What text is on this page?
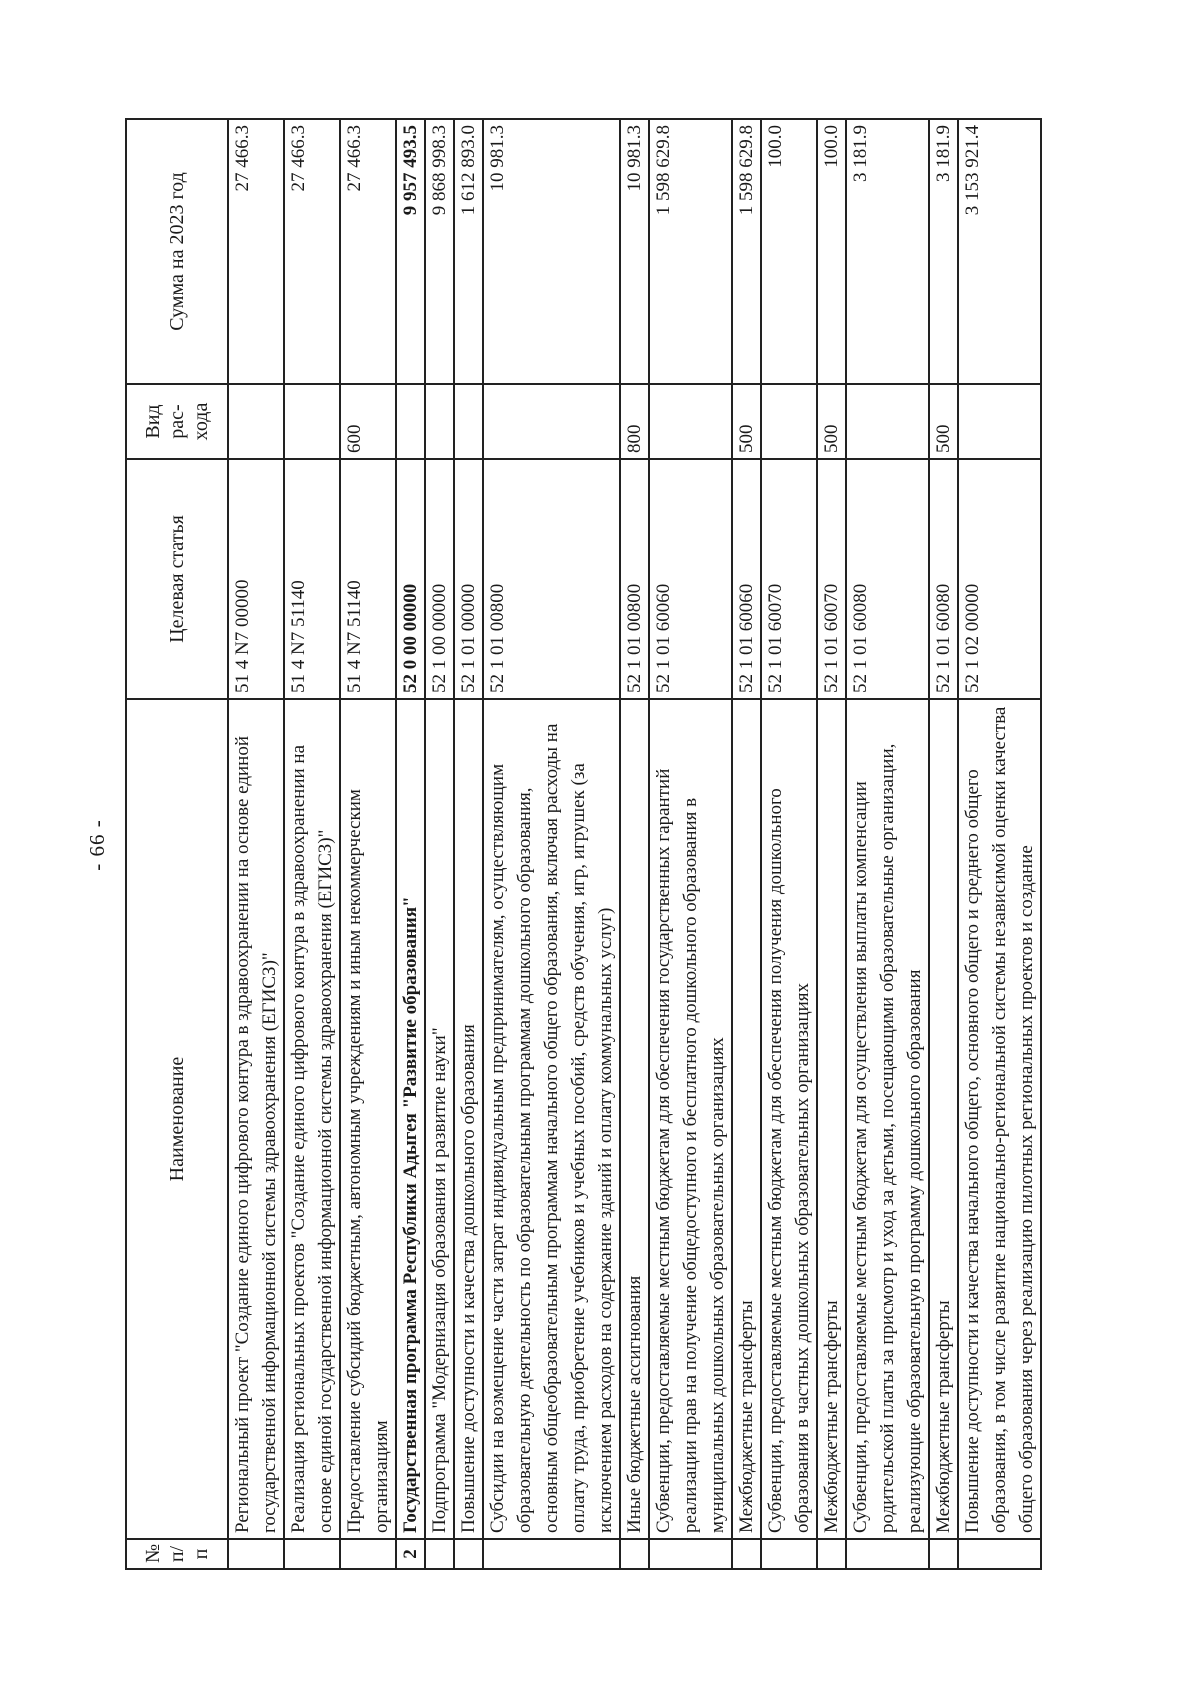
- 66 -
№ п/п	Наименование	Целевая статья	Вид рас-хода	Сумма на 2023 год
	Региональный проект "Создание единого цифрового контура в здравоохранении на основе единой государственной информационной системы здравоохранения (ЕГИСЗ)"	51 4 N7 00000		27 466.3
	Реализация региональных проектов "Создание единого цифрового контура в здравоохранении на основе единой государственной информационной системы здравоохранения (ЕГИСЗ)"	51 4 N7 51140		27 466.3
	Предоставление субсидий бюджетным, автономным учреждениям и иным некоммерческим организациям	51 4 N7 51140	600	27 466.3
2	Государственная программа Республики Адыгея "Развитие образования"	52 0 00 00000		9 957 493.5
	Подпрограмма "Модернизация образования и развитие науки"	52 1 00 00000		9 868 998.3
	Повышение доступности и качества дошкольного образования	52 1 01 00000		1 612 893.0
	Субсидии на возмещение части затрат индивидуальным предпринимателям, осуществляющим образовательную деятельность по образовательным программам дошкольного образования, основным общеобразовательным программам начального общего образования, включая расходы на оплату труда, приобретение учебников и учебных пособий, средств обучения, игр, игрушек (за исключением расходов на содержание зданий и оплату коммунальных услуг)	52 1 01 00800		10 981.3
	Иные бюджетные ассигнования	52 1 01 00800	800	10 981.3
	Субвенции, предоставляемые местным бюджетам для обеспечения государственных гарантий реализации прав на получение общедоступного и бесплатного дошкольного образования в муниципальных дошкольных образовательных организациях	52 1 01 60060		1 598 629.8
	Межбюджетные трансферты	52 1 01 60060	500	1 598 629.8
	Субвенции, предоставляемые местным бюджетам для обеспечения получения дошкольного образования в частных дошкольных образовательных организациях	52 1 01 60070		100.0
	Межбюджетные трансферты	52 1 01 60070	500	100.0
	Субвенции, предоставляемые местным бюджетам для осуществления выплаты компенсации родительской платы за присмотр и уход за детьми, посещающими образовательные организации, реализующие образовательную программу дошкольного образования	52 1 01 60080		3 181.9
	Межбюджетные трансферты	52 1 01 60080	500	3 181.9
	Повышение доступности и качества начального общего, основного общего и среднего общего образования, в том числе развитие национально-региональной системы независимой оценки качества общего образования через реализацию пилотных региональных проектов и создание	52 1 02 00000		3 153 921.4
